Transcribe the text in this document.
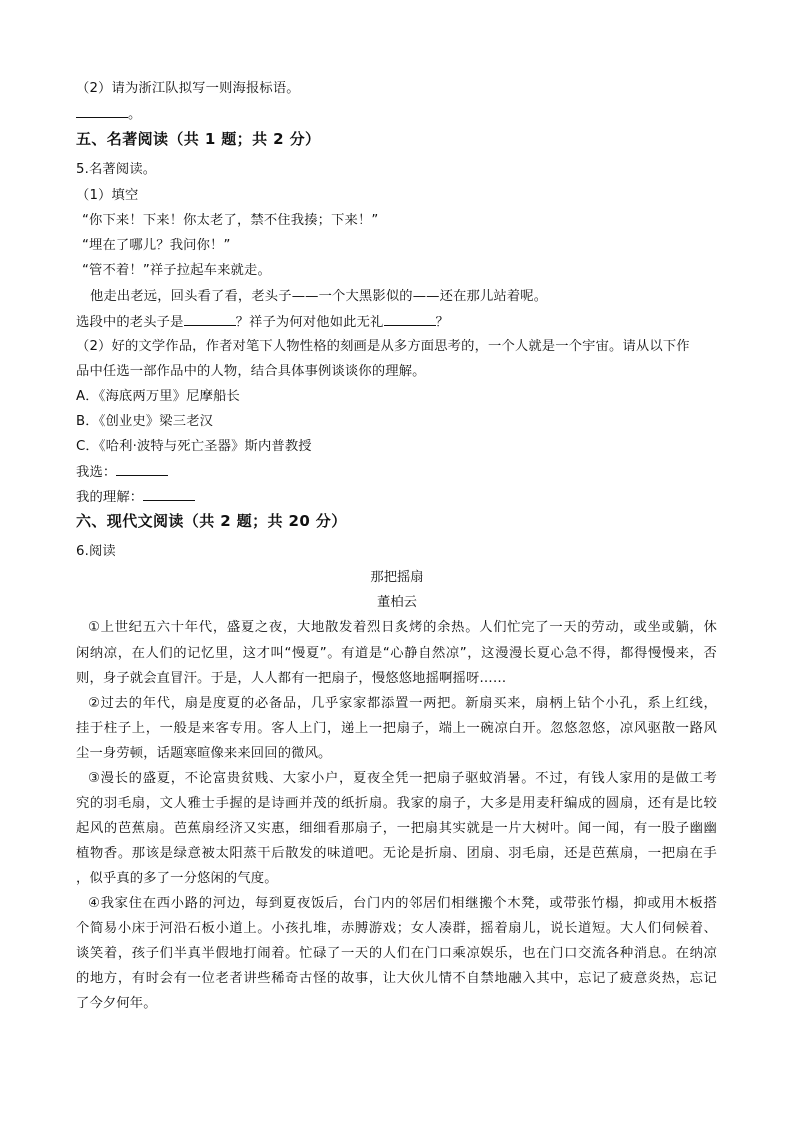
（2）请为浙江队拟写一则海报标语。

。

五、名著阅读（共 1 题；共 2 分）

5.名著阅读。

（1）填空

“你下来！下来！你太老了，禁不住我揍；下来！”

“埋在了哪儿？我问你！”

“管不着！”祥子拉起车来就走。

他走出老远，回头看了看，老头子——一个大黑影似的——还在那儿站着呢。

选段中的老头子是	？祥子为何对他如此无礼	？

（2）好的文学作品，作者对笔下人物性格的刻画是从多方面思考的，一个人就是一个宇宙。请从以下作

品中任选一部作品中的人物，结合具体事例谈谈你的理解。

A．《海底两万里》尼摩船长

B．《创业史》梁三老汉

C．《哈利·波特与死亡圣器》斯内普教授

我选：

我的理解：

六、现代文阅读（共 2 题；共 20 分）

6.阅读

那把摇扇

董柏云

①上世纪五六十年代，盛夏之夜，大地散发着烈日炙烤的余热。人们忙完了一天的劳动，或坐或躺，休

闲纳凉，在人们的记忆里，这才叫“慢夏”。有道是“心静自然凉”，这漫漫长夏心急不得，都得慢慢来，否

则，身子就会直冒汗。于是，人人都有一把扇子，慢悠悠地摇啊摇呀……

②过去的年代，扇是度夏的必备品，几乎家家都添置一两把。新扇买来，扇柄上钻个小孔，系上红线，

挂于柱子上，一般是来客专用。客人上门，递上一把扇子，端上一碗凉白开。忽悠忽悠，凉风驱散一路风

尘一身劳顿，话题寒暄像来来回回的微风。

③漫长的盛夏，不论富贵贫贱、大家小户，夏夜全凭一把扇子驱蚊消暑。不过，有钱人家用的是做工考

究的羽毛扇，文人雅士手握的是诗画并茂的纸折扇。我家的扇子，大多是用麦秆编成的圆扇，还有是比较

起风的芭蕉扇。芭蕉扇经济又实惠，细细看那扇子，一把扇其实就是一片大树叶。闻一闻，有一股子幽幽

植物香。那该是绿意被太阳蒸干后散发的味道吧。无论是折扇、团扇、羽毛扇，还是芭蕉扇，一把扇在手

，似乎真的多了一分悠闲的气度。

④我家住在西小路的河边，每到夏夜饭后，台门内的邻居们相继搬个木凳，或带张竹榻，抑或用木板搭

个简易小床于河沿石板小道上。小孩扎堆，赤膊游戏；女人凑群，摇着扇儿，说长道短。大人们伺候着、

谈笑着，孩子们半真半假地打闹着。忙碌了一天的人们在门口乘凉娱乐，也在门口交流各种消息。在纳凉

的地方，有时会有一位老者讲些稀奇古怪的故事，让大伙儿情不自禁地融入其中，忘记了疲意炎热，忘记

了今夕何年。
